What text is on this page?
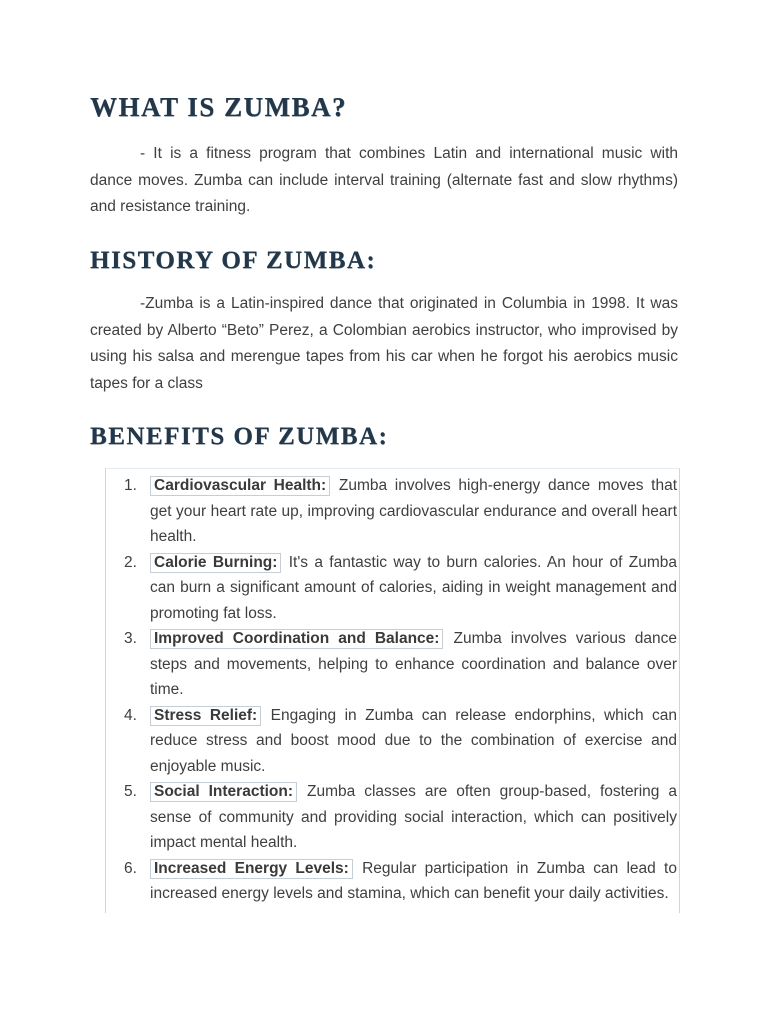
WHAT IS ZUMBA?

- It is a fitness program that combines Latin and international music with dance moves. Zumba can include interval training (alternate fast and slow rhythms) and resistance training.

HISTORY OF ZUMBA:

-Zumba is a Latin-inspired dance that originated in Columbia in 1998. It was created by Alberto “Beto” Perez, a Colombian aerobics instructor, who improvised by using his salsa and merengue tapes from his car when he forgot his aerobics music tapes for a class

BENEFITS OF ZUMBA:
1. Cardiovascular Health: Zumba involves high-energy dance moves that get your heart rate up, improving cardiovascular endurance and overall heart health.
2. Calorie Burning: It's a fantastic way to burn calories. An hour of Zumba can burn a significant amount of calories, aiding in weight management and promoting fat loss.
3. Improved Coordination and Balance: Zumba involves various dance steps and movements, helping to enhance coordination and balance over time.
4. Stress Relief: Engaging in Zumba can release endorphins, which can reduce stress and boost mood due to the combination of exercise and enjoyable music.
5. Social Interaction: Zumba classes are often group-based, fostering a sense of community and providing social interaction, which can positively impact mental health.
6. Increased Energy Levels: Regular participation in Zumba can lead to increased energy levels and stamina, which can benefit your daily activities.
